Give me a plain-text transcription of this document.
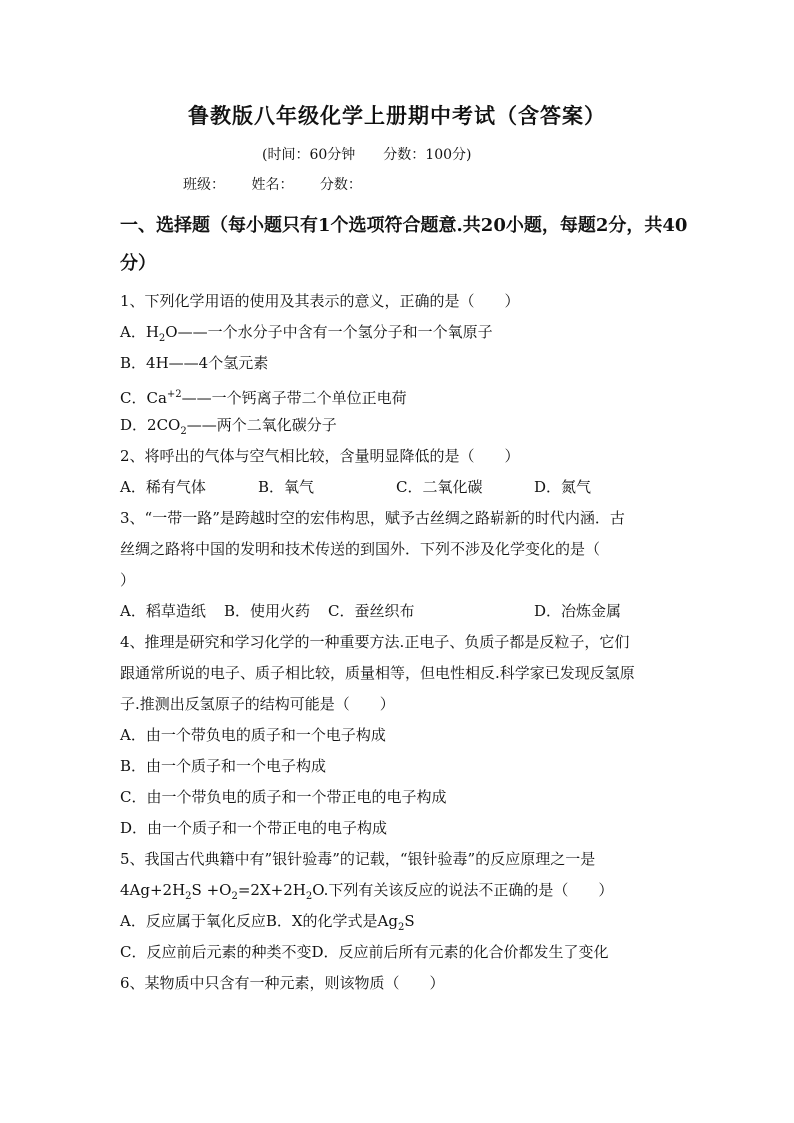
鲁教版八年级化学上册期中考试（含答案）
(时间：60分钟 分数：100分)
班级： 姓名： 分数：
一、选择题（每小题只有1个选项符合题意.共20小题，每题2分，共40分）
1、下列化学用语的使用及其表示的意义，正确的是（　　）
A．$H_2O——$一个水分子中含有一个氢分子和一个氧原子
B．4H——4个氢元素
C．$Ca^{+2}——$一个钙离子带二个单位正电荷
D．$2CO_2——$两个二氧化碳分子
2、将呼出的气体与空气相比较，含量明显降低的是（　　）
A．稀有气体	B．氧气	C．二氧化碳	D．氮气
3、“一带一路”是跨越时空的宏伟构思，赋予古丝绸之路崭新的时代内涵．古
丝绸之路将中国的发明和技术传送的到国外．下列不涉及化学变化的是（
）
A．稻草造纸 B．使用火药 C．蚕丝织布	D．冶炼金属
4、推理是研究和学习化学的一种重要方法.正电子、负质子都是反粒子，它们
跟通常所说的电子、质子相比较，质量相等，但电性相反.科学家已发现反氢原
子.推测出反氢原子的结构可能是（　　）
A．由一个带负电的质子和一个电子构成
B．由一个质子和一个电子构成
C．由一个带负电的质子和一个带正电的电子构成
D．由一个质子和一个带正电的电子构成
5、我国古代典籍中有”银针验毒”的记载，“银针验毒”的反应原理之一是
$4Ag+2H_2S +O_2=2X+2H_2O$.下列有关该反应的说法不正确的是（　　）
A．反应属于氧化反应B．X的化学式是$Ag_2S$
C．反应前后元素的种类不变D．反应前后所有元素的化合价都发生了变化
6、某物质中只含有一种元素，则该物质（　　）
